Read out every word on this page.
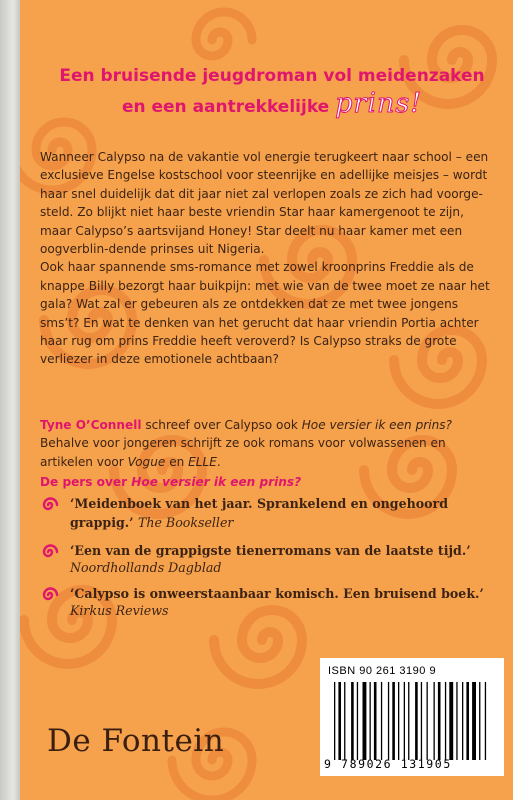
Een bruisende jeugdroman vol meidenzaken
en een aantrekkelijke prins!

Wanneer Calypso na de vakantie vol energie terugkeert naar school – een exclusieve Engelse kostschool voor steenrijke en adellijke meisjes – wordt haar snel duidelijk dat dit jaar niet zal verlopen zoals ze zich had voorge-steld. Zo blijkt niet haar beste vriendin Star haar kamergenoot te zijn, maar Calypso’s aartsvijand Honey! Star deelt nu haar kamer met een oogverblin-dende prinses uit Nigeria.

Ook haar spannende sms-romance met zowel kroonprins Freddie als de knappe Billy bezorgt haar buikpijn: met wie van de twee moet ze naar het gala? Wat zal er gebeuren als ze ontdekken dat ze met twee jongens sms’t? En wat te denken van het gerucht dat haar vriendin Portia achter haar rug om prins Freddie heeft veroverd? Is Calypso straks de grote verliezer in deze emotionele achtbaan?

Tyne O’Connell schreef over Calypso ook Hoe versier ik een prins? Behalve voor jongeren schrijft ze ook romans voor volwassenen en artikelen voor Vogue en ELLE.
De pers over Hoe versier ik een prins?
‘Meidenboek van het jaar. Sprankelend en ongehoord grappig.’ The Bookseller
‘Een van de grappigste tienerromans van de laatste tijd.’
Noordhollands Dagblad
‘Calypso is onweerstaanbaar komisch. Een bruisend boek.’
Kirkus Reviews
ISBN 90 261 3190 9
9 789026 131905
De Fontein
